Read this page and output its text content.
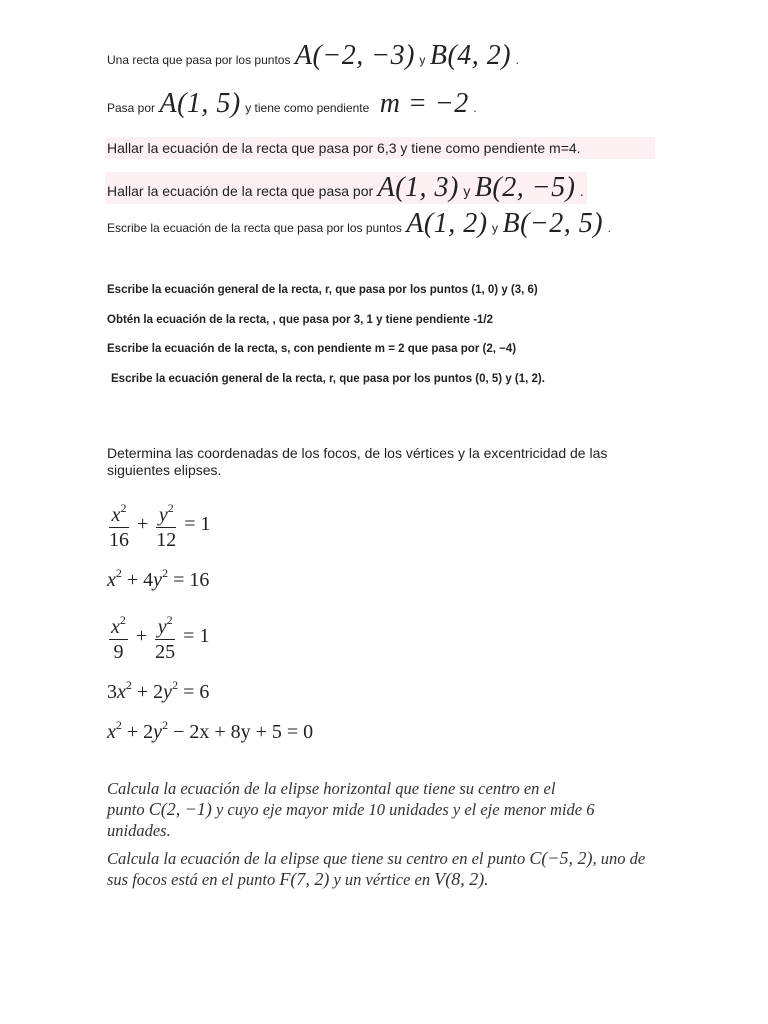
Una recta que pasa por los puntos A(−2, −3) y B(4, 2) .
Pasa por A(1, 5) y tiene como pendiente m = −2 .
Hallar la ecuación de la recta que pasa por 6,3 y tiene como pendiente m=4.
Hallar la ecuación de la recta que pasa por A(1, 3) y B(2, −5) .
Escribe la ecuación de la recta que pasa por los puntos A(1, 2) y B(−2, 5) .
Escribe la ecuación general de la recta, r, que pasa por los puntos (1, 0) y (3, 6)
Obtén la ecuación de la recta, , que pasa por 3, 1 y tiene pendiente -1/2
Escribe la ecuación de la recta, s, con pendiente m = 2 que pasa por (2, −4)
Escribe la ecuación general de la recta, r, que pasa por los puntos (0, 5) y (1, 2).
Determina las coordenadas de los focos, de los vértices y la excentricidad de las siguientes elipses.
$\frac{x^2}{16} + \frac{y^2}{12} = 1$
$x^2 + 4y^2 = 16$
$\frac{x^2}{9} + \frac{y^2}{25} = 1$
$3x^2 + 2y^2 = 6$
$x^2 + 2y^2 - 2x + 8y + 5 = 0$
Calcula la ecuación de la elipse horizontal que tiene su centro en el
punto C(2, −1) y cuyo eje mayor mide 10 unidades y el eje menor mide 6
unidades.
Calcula la ecuación de la elipse que tiene su centro en el punto C(−5, 2), uno de
sus focos está en el punto F(7, 2) y un vértice en V(8, 2).
